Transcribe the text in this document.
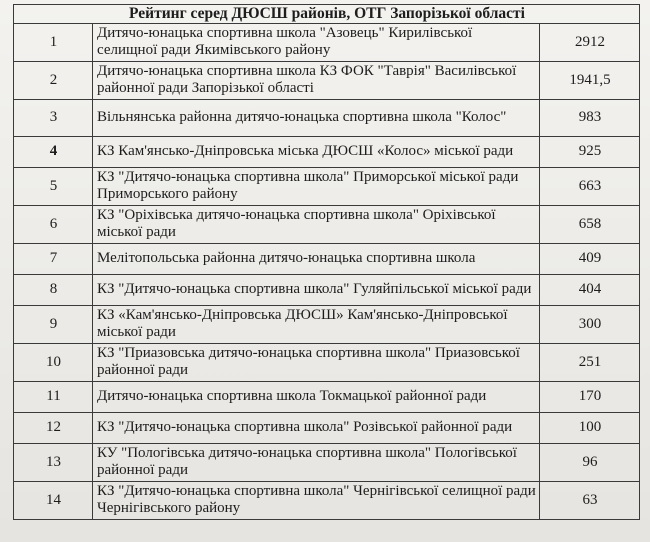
Рейтинг серед ДЮСШ районів, ОТГ Запорізької області		
1	Дитячо-юнацька спортивна школа "Азовець" Кирилівської селищної ради Якимівського району	2912
2	Дитячо-юнацька спортивна школа КЗ ФОК "Таврія" Василівської районної ради Запорізької області	1941,5
3	Вільнянська районна дитячо-юнацька спортивна школа "Колос"	983
4	КЗ Кам'янсько-Дніпровська міська ДЮСШ «Колос» міської ради	925
5	КЗ "Дитячо-юнацька спортивна школа" Приморської міської ради Приморського району	663
6	КЗ "Оріхівська дитячо-юнацька спортивна школа" Оріхівської міської ради	658
7	Мелітопольська районна дитячо-юнацька спортивна школа	409
8	КЗ "Дитячо-юнацька спортивна школа" Гуляйпільської міської ради	404
9	КЗ «Кам'янсько-Дніпровська ДЮСШ» Кам'янсько-Дніпровської міської ради	300
10	КЗ "Приазовська дитячо-юнацька спортивна школа" Приазовської районної ради	251
11	Дитячо-юнацька спортивна школа Токмацької районної ради	170
12	КЗ "Дитячо-юнацька спортивна школа" Розівської районної ради	100
13	КУ "Пологівська дитячо-юнацька спортивна школа" Пологівської районної ради	96
14	КЗ "Дитячо-юнацька спортивна школа" Чернігівської селищної ради Чернігівського району	63
